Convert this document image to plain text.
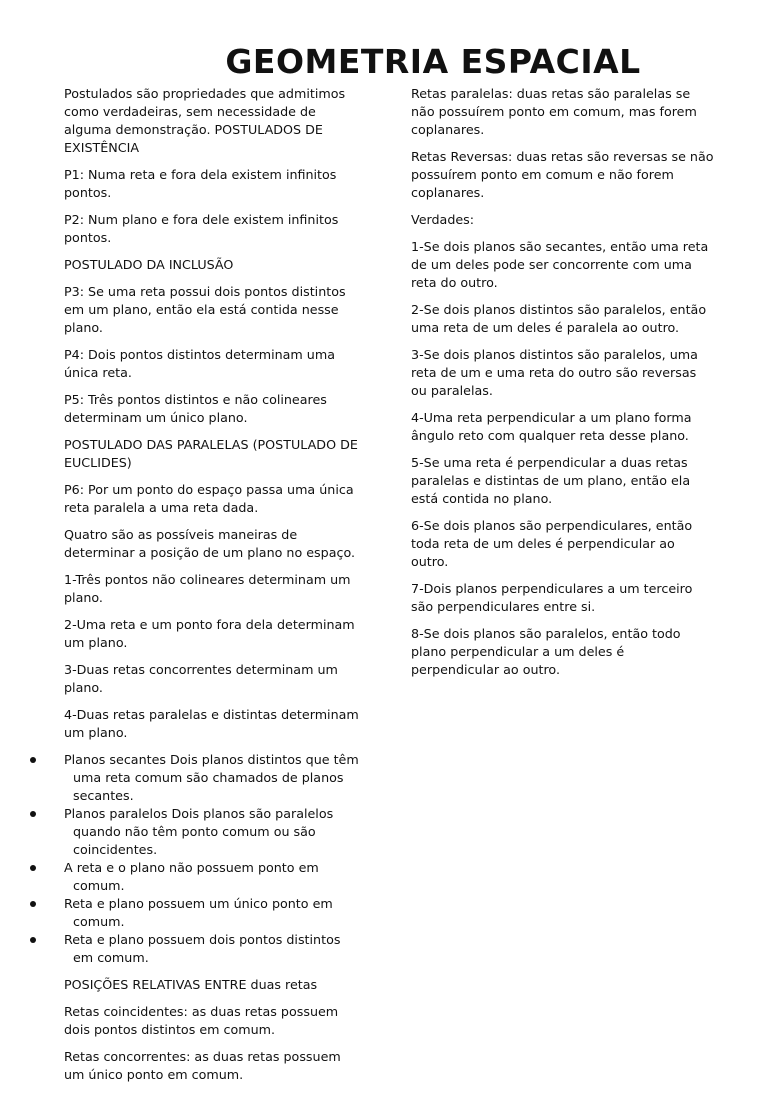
GEOMETRIA ESPACIAL

Postulados são propriedades que admitimos como verdadeiras, sem necessidade de alguma demonstração. POSTULADOS DE EXISTÊNCIA

P1: Numa reta e fora dela existem infinitos pontos.

P2: Num plano e fora dele existem infinitos pontos.

POSTULADO DA INCLUSÃO

P3: Se uma reta possui dois pontos distintos em um plano, então ela está contida nesse plano.

P4: Dois pontos distintos determinam uma única reta.

P5: Três pontos distintos e não colineares determinam um único plano.

POSTULADO DAS PARALELAS (POSTULADO DE EUCLIDES)

P6: Por um ponto do espaço passa uma única reta paralela a uma reta dada.

Quatro são as possíveis maneiras de determinar a posição de um plano no espaço.

1-Três pontos não colineares determinam um plano.

2-Uma reta e um ponto fora dela determinam um plano.

3-Duas retas concorrentes determinam um plano.

4-Duas retas paralelas e distintas determinam um plano.

Planos secantes Dois planos distintos que têm uma reta comum são chamados de planos secantes.
Planos paralelos Dois planos são paralelos quando não têm ponto comum ou são coincidentes.
A reta e o plano não possuem ponto em comum.
Reta e plano possuem um único ponto em comum.
Reta e plano possuem dois pontos distintos em comum.

POSIÇÕES RELATIVAS ENTRE duas retas

Retas coincidentes: as duas retas possuem dois pontos distintos em comum.

Retas concorrentes: as duas retas possuem um único ponto em comum.

Retas paralelas: duas retas são paralelas se não possuírem ponto em comum, mas forem coplanares.

Retas Reversas: duas retas são reversas se não possuírem ponto em comum e não forem coplanares.

Verdades:

1-Se dois planos são secantes, então uma reta de um deles pode ser concorrente com uma reta do outro.

2-Se dois planos distintos são paralelos, então uma reta de um deles é paralela ao outro.

3-Se dois planos distintos são paralelos, uma reta de um e uma reta do outro são reversas ou paralelas.

4-Uma reta perpendicular a um plano forma ângulo reto com qualquer reta desse plano.

5-Se uma reta é perpendicular a duas retas paralelas e distintas de um plano, então ela está contida no plano.

6-Se dois planos são perpendiculares, então toda reta de um deles é perpendicular ao outro.

7-Dois planos perpendiculares a um terceiro são perpendiculares entre si.

8-Se dois planos são paralelos, então todo plano perpendicular a um deles é perpendicular ao outro.
